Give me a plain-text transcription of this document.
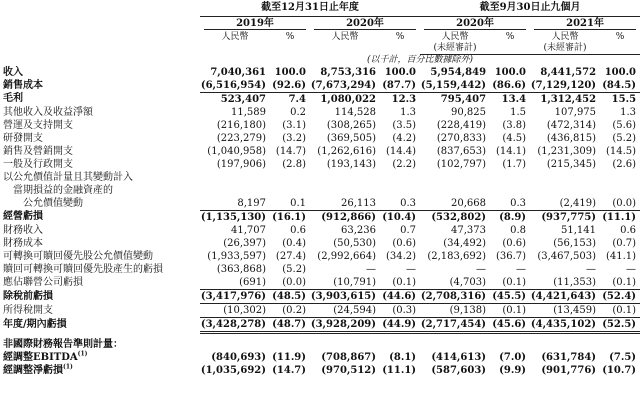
	截至12月31日止年度				截至9月30日止九個月			

	2019年		2020年		2020年		2021年	

	人民幣	%	人民幣	%	人民幣	%	人民幣	%
					(未經審計)		(未經審計)	
	(以千計，百分比數據除外)							
收入	7,040,361	100.0	8,753,316	100.0	5,954,849	100.0	8,441,572	100.0
銷售成本	(6,516,954)	(92.6)	(7,673,294)	(87.7)	(5,159,442)	(86.6)	(7,129,120)	(84.5)
毛利	523,407	7.4	1,080,022	12.3	795,407	13.4	1,312,452	15.5
其他收入及收益淨額	11,589	0.2	114,528	1.3	90,825	1.5	107,975	1.3
營運及支持開支	(216,180)	(3.1)	(308,265)	(3.5)	(228,419)	(3.8)	(472,314)	(5.6)
研發開支	(223,279)	(3.2)	(369,505)	(4.2)	(270,833)	(4.5)	(436,815)	(5.2)
銷售及營銷開支	(1,040,958)	(14.7)	(1,262,616)	(14.4)	(837,653)	(14.1)	(1,231,309)	(14.5)
一般及行政開支	(197,906)	(2.8)	(193,143)	(2.2)	(102,797)	(1.7)	(215,345)	(2.6)
以公允價值計量且其變動計入								
　當期損益的金融資產的								
　　公允價值變動	8,197	0.1	26,113	0.3	20,668	0.3	(2,419)	(0.0)
經營虧損	(1,135,130)	(16.1)	(912,866)	(10.4)	(532,802)	(8.9)	(937,775)	(11.1)
財務收入	41,707	0.6	63,236	0.7	47,373	0.8	51,141	0.6
財務成本	(26,397)	(0.4)	(50,530)	(0.6)	(34,492)	(0.6)	(56,153)	(0.7)
可轉換可贖回優先股公允價值變動	(1,933,597)	(27.4)	(2,992,664)	(34.2)	(2,183,692)	(36.7)	(3,467,503)	(41.1)
贖回可轉換可贖回優先股產生的虧損	(363,868)	(5.2)	—	—	—	—	—	—
應佔聯營公司虧損	(691)	(0.0)	(10,791)	(0.1)	(4,703)	(0.1)	(11,353)	(0.1)
除稅前虧損	(3,417,976)	(48.5)	(3,903,615)	(44.6)	(2,708,316)	(45.5)	(4,421,643)	(52.4)
所得稅開支	(10,302)	(0.2)	(24,594)	(0.3)	(9,138)	(0.1)	(13,459)	(0.1)
年度/期內虧損	(3,428,278)	(48.7)	(3,928,209)	(44.9)	(2,717,454)	(45.6)	(4,435,102)	(52.5)

非國際財務報告準則計量：								
經調整EBITDA$^{(1)}$	(840,693)	(11.9)	(708,867)	(8.1)	(414,613)	(7.0)	(631,784)	(7.5)
經調整淨虧損$^{(1)}$	(1,035,692)	(14.7)	(970,512)	(11.1)	(587,603)	(9.9)	(901,776)	(10.7)
